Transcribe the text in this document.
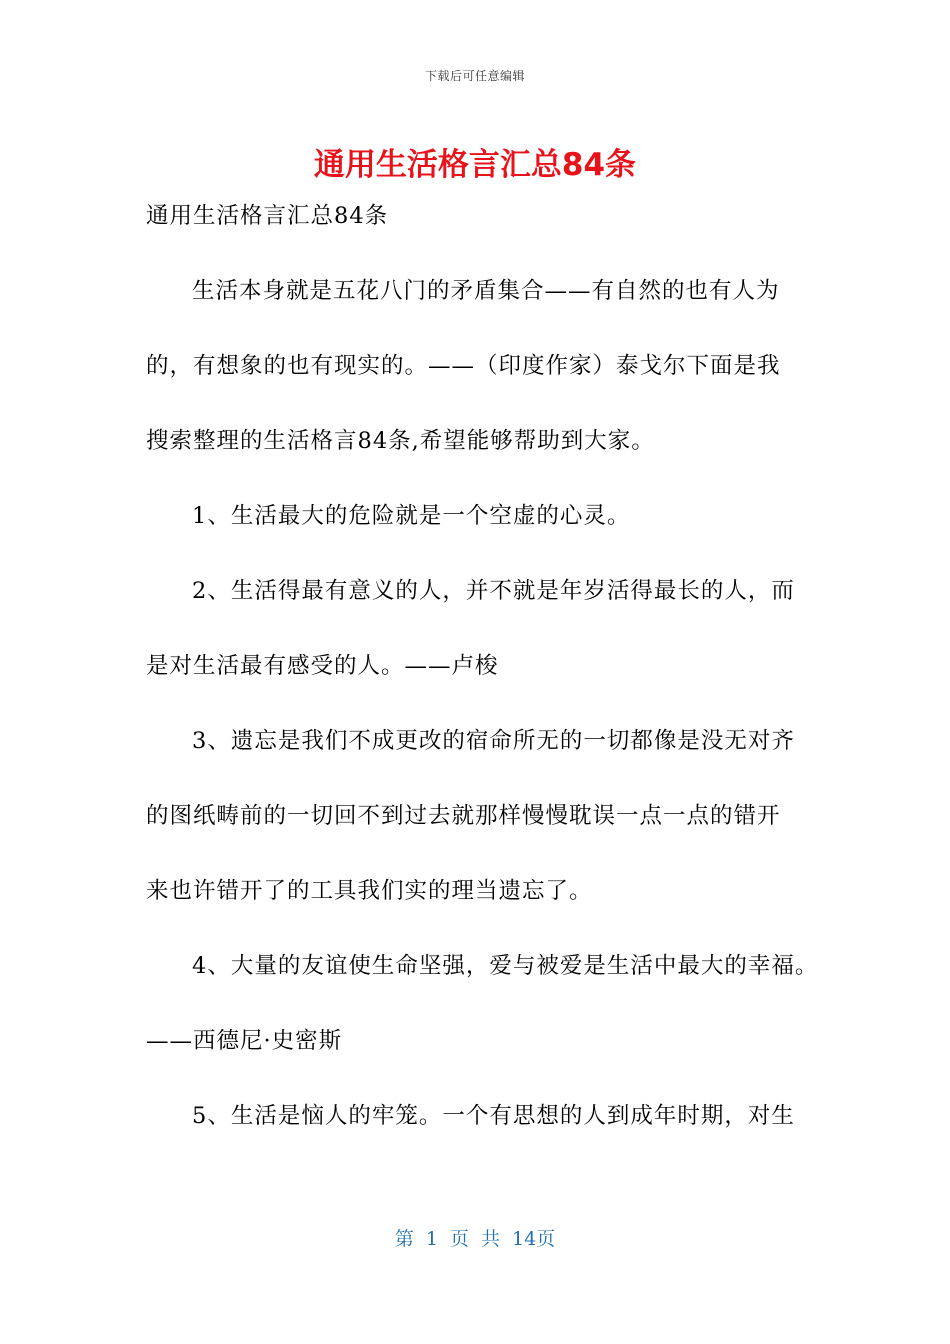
下载后可任意编辑
通用生活格言汇总84条
通用生活格言汇总84条
生活本身就是五花八门的矛盾集合——有自然的也有人为
的，有想象的也有现实的。——（印度作家）泰戈尔下面是我
搜索整理的生活格言84条,希望能够帮助到大家。
1、生活最大的危险就是一个空虚的心灵。
2、生活得最有意义的人，并不就是年岁活得最长的人，而
是对生活最有感受的人。——卢梭
3、遗忘是我们不成更改的宿命所无的一切都像是没无对齐
的图纸畴前的一切回不到过去就那样慢慢耽误一点一点的错开
来也许错开了的工具我们实的理当遗忘了。
4、大量的友谊使生命坚强，爱与被爱是生活中最大的幸福。
——西德尼·史密斯
5、生活是恼人的牢笼。一个有思想的人到成年时期，对生
第 1 页 共 14页
